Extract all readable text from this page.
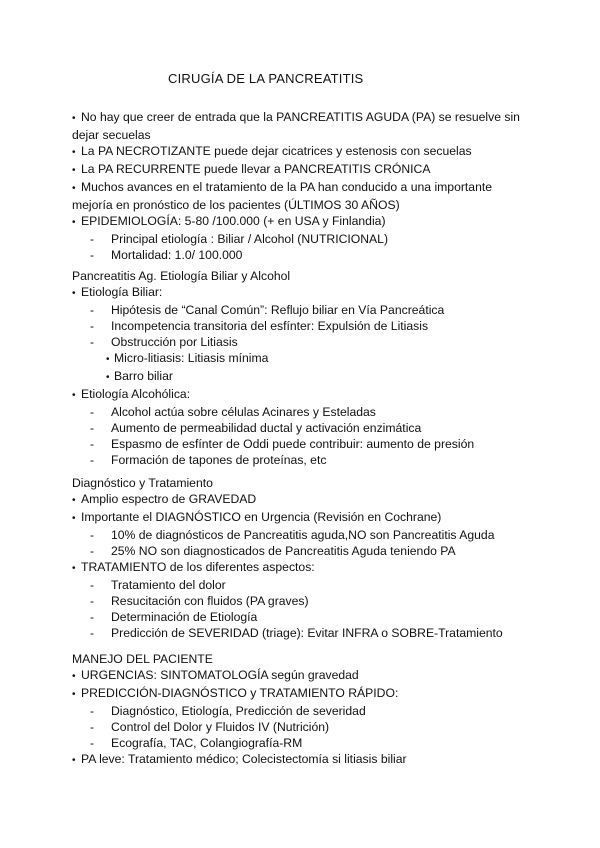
CIRUGÍA DE LA PANCREATITIS
• No hay que creer de entrada que la PANCREATITIS AGUDA (PA) se resuelve sin
dejar secuelas
• La PA NECROTIZANTE puede dejar cicatrices y estenosis con secuelas
• La PA RECURRENTE puede llevar a PANCREATITIS CRÓNICA
• Muchos avances en el tratamiento de la PA han conducido a una importante
mejoría en pronóstico de los pacientes (ÚLTIMOS 30 AÑOS)
• EPIDEMIOLOGÍA: 5-80 /100.000 (+ en USA y Finlandia)
- Principal etiología : Biliar / Alcohol (NUTRICIONAL)
- Mortalidad: 1.0/ 100.000
Pancreatitis Ag. Etiología Biliar y Alcohol
• Etiología Biliar:
- Hipótesis de “Canal Común”: Reflujo biliar en Vía Pancreática
- Incompetencia transitoria del esfínter: Expulsión de Litiasis
- Obstrucción por Litiasis
• Micro-litiasis: Litiasis mínima
• Barro biliar
• Etiología Alcohólica:
- Alcohol actúa sobre células Acinares y Esteladas
- Aumento de permeabilidad ductal y activación enzimática
- Espasmo de esfínter de Oddi puede contribuir: aumento de presión
- Formación de tapones de proteínas, etc
Diagnóstico y Tratamiento
• Amplio espectro de GRAVEDAD
• Importante el DIAGNÓSTICO en Urgencia (Revisión en Cochrane)
- 10% de diagnósticos de Pancreatitis aguda,NO son Pancreatitis Aguda
- 25% NO son diagnosticados de Pancreatitis Aguda teniendo PA
• TRATAMIENTO de los diferentes aspectos:
- Tratamiento del dolor
- Resucitación con fluidos (PA graves)
- Determinación de Etiología
- Predicción de SEVERIDAD (triage): Evitar INFRA o SOBRE-Tratamiento
MANEJO DEL PACIENTE
• URGENCIAS: SINTOMATOLOGÍA según gravedad
• PREDICCIÓN-DIAGNÓSTICO y TRATAMIENTO RÁPIDO:
- Diagnóstico, Etiología, Predicción de severidad
- Control del Dolor y Fluidos IV (Nutrición)
- Ecografía, TAC, Colangiografía-RM
• PA leve: Tratamiento médico; Colecistectomía si litiasis biliar
